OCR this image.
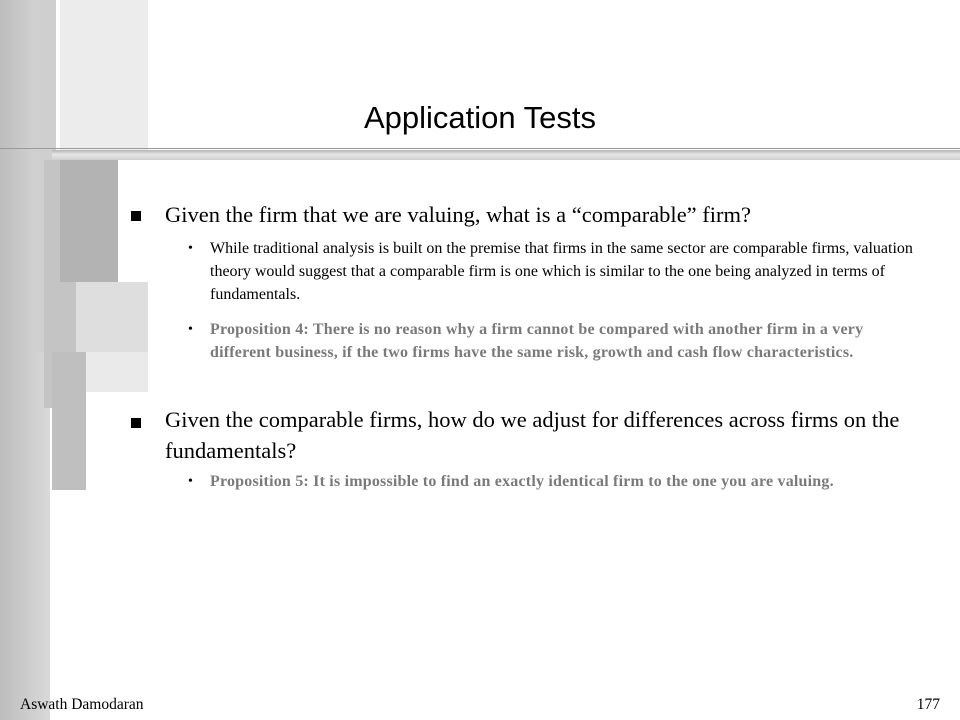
Application Tests
Given the firm that we are valuing, what is a “comparable” firm?
• While traditional analysis is built on the premise that firms in the same sector are comparable firms, valuation theory would suggest that a comparable firm is one which is similar to the one being analyzed in terms of fundamentals.
• Proposition 4: There is no reason why a firm cannot be compared with another firm in a very different business, if the two firms have the same risk, growth and cash flow characteristics.
Given the comparable firms, how do we adjust for differences across firms on the fundamentals?
• Proposition 5: It is impossible to find an exactly identical firm to the one you are valuing.
Aswath Damodaran	177
